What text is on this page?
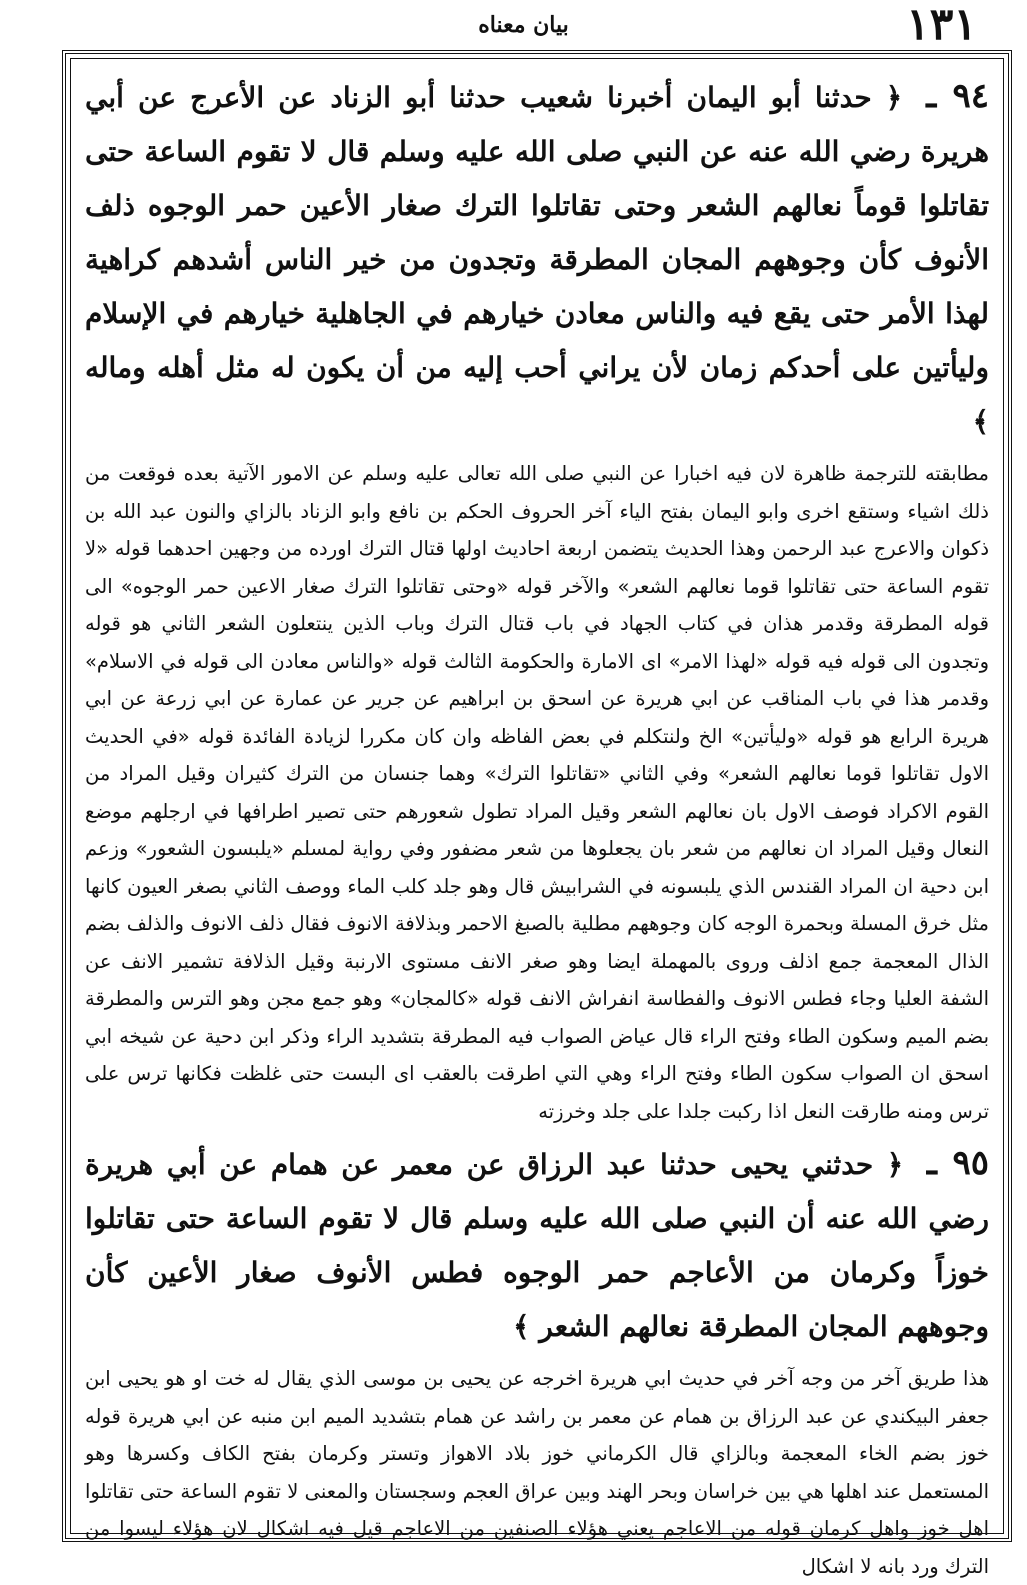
١٣١
بيان معناه

٩٤ ـ ﴿ حدثنا أبو اليمان أخبرنا شعيب حدثنا أبو الزناد عن الأعرج عن أبي هريرة رضي الله عنه عن النبي صلى الله عليه وسلم قال لا تقوم الساعة حتى تقاتلوا قوماً نعالهم الشعر وحتى تقاتلوا الترك صغار الأعين حمر الوجوه ذلف الأنوف كأن وجوههم المجان المطرقة وتجدون من خير الناس أشدهم كراهية لهذا الأمر حتى يقع فيه والناس معادن خيارهم في الجاهلية خيارهم في الإسلام وليأتين على أحدكم زمان لأن يراني أحب إليه من أن يكون له مثل أهله وماله ﴾

مطابقته للترجمة ظاهرة لان فيه اخبارا عن النبي صلى الله تعالى عليه وسلم عن الامور الآتية بعده فوقعت من ذلك اشياء وستقع اخرى وابو اليمان بفتح الياء آخر الحروف الحكم بن نافع وابو الزناد بالزاي والنون عبد الله بن ذكوان والاعرج عبد الرحمن وهذا الحديث يتضمن اربعة احاديث اولها قتال الترك اورده من وجهين احدهما قوله «لا تقوم الساعة حتى تقاتلوا قوما نعالهم الشعر» والآخر قوله «وحتى تقاتلوا الترك صغار الاعين حمر الوجوه» الى قوله المطرقة وقدمر هذان في كتاب الجهاد في باب قتال الترك وباب الذين ينتعلون الشعر الثاني هو قوله وتجدون الى قوله فيه قوله «لهذا الامر» اى الامارة والحكومة الثالث قوله «والناس معادن الى قوله في الاسلام» وقدمر هذا في باب المناقب عن ابي هريرة عن اسحق بن ابراهيم عن جرير عن عمارة عن ابي زرعة عن ابي هريرة الرابع هو قوله «وليأتين» الخ ولنتكلم في بعض الفاظه وان كان مكررا لزيادة الفائدة قوله «في الحديث الاول تقاتلوا قوما نعالهم الشعر» وفي الثاني «تقاتلوا الترك» وهما جنسان من الترك كثيران وقيل المراد من القوم الاكراد فوصف الاول بان نعالهم الشعر وقيل المراد تطول شعورهم حتى تصير اطرافها في ارجلهم موضع النعال وقيل المراد ان نعالهم من شعر بان يجعلوها من شعر مضفور وفي رواية لمسلم «يلبسون الشعور» وزعم ابن دحية ان المراد القندس الذي يلبسونه في الشرابيش قال وهو جلد كلب الماء ووصف الثاني بصغر العيون كانها مثل خرق المسلة وبحمرة الوجه كان وجوههم مطلية بالصبغ الاحمر وبذلافة الانوف فقال ذلف الانوف والذلف بضم الذال المعجمة جمع اذلف وروى بالمهملة ايضا وهو صغر الانف مستوى الارنبة وقيل الذلافة تشمير الانف عن الشفة العليا وجاء فطس الانوف والفطاسة انفراش الانف قوله «كالمجان» وهو جمع مجن وهو الترس والمطرقة بضم الميم وسكون الطاء وفتح الراء قال عياض الصواب فيه المطرقة بتشديد الراء وذكر ابن دحية عن شيخه ابي اسحق ان الصواب سكون الطاء وفتح الراء وهي التي اطرقت بالعقب اى البست حتى غلظت فكانها ترس على ترس ومنه طارقت النعل اذا ركبت جلدا على جلد وخرزته

٩٥ ـ ﴿ حدثني يحيى حدثنا عبد الرزاق عن معمر عن همام عن أبي هريرة رضي الله عنه أن النبي صلى الله عليه وسلم قال لا تقوم الساعة حتى تقاتلوا خوزاً وكرمان من الأعاجم حمر الوجوه فطس الأنوف صغار الأعين كأن وجوههم المجان المطرقة نعالهم الشعر ﴾

هذا طريق آخر من وجه آخر في حديث ابي هريرة اخرجه عن يحيى بن موسى الذي يقال له خت او هو يحيى ابن جعفر البيكندي عن عبد الرزاق بن همام عن معمر بن راشد عن همام بتشديد الميم ابن منبه عن ابي هريرة قوله خوز بضم الخاء المعجمة وبالزاي قال الكرماني خوز بلاد الاهواز وتستر وكرمان بفتح الكاف وكسرها وهو المستعمل عند اهلها هي بين خراسان وبحر الهند وبين عراق العجم وسجستان والمعنى لا تقوم الساعة حتى تقاتلوا اهل خوز واهل كرمان قوله من الاعاجم يعني هؤلاء الصنفين من الاعاجم قيل فيه اشكال لان هؤلاء ليسوا من الترك ورد بانه لا اشكال
